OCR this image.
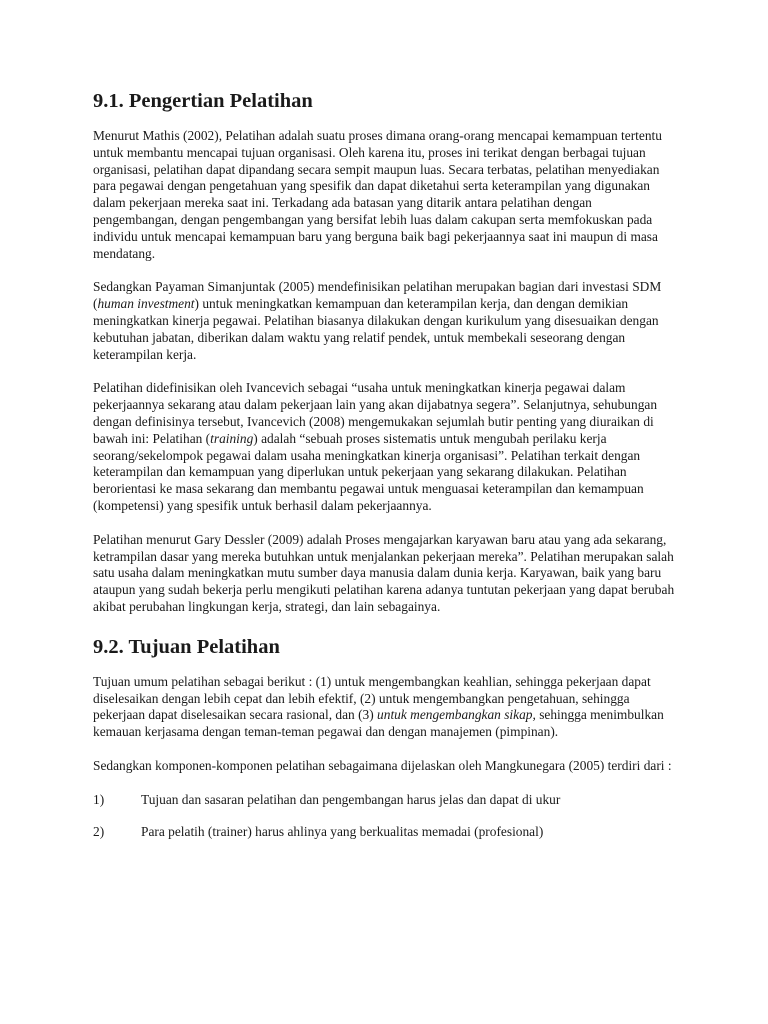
9.1. Pengertian Pelatihan

Menurut Mathis (2002), Pelatihan adalah suatu proses dimana orang-orang mencapai kemampuan tertentu untuk membantu mencapai tujuan organisasi. Oleh karena itu, proses ini terikat dengan berbagai tujuan organisasi, pelatihan dapat dipandang secara sempit maupun luas. Secara terbatas, pelatihan menyediakan para pegawai dengan pengetahuan yang spesifik dan dapat diketahui serta keterampilan yang digunakan dalam pekerjaan mereka saat ini. Terkadang ada batasan yang ditarik antara pelatihan dengan pengembangan, dengan pengembangan yang bersifat lebih luas dalam cakupan serta memfokuskan pada individu untuk mencapai kemampuan baru yang berguna baik bagi pekerjaannya saat ini maupun di masa mendatang.

Sedangkan Payaman Simanjuntak (2005) mendefinisikan pelatihan merupakan bagian dari investasi SDM (human investment) untuk meningkatkan kemampuan dan keterampilan kerja, dan dengan demikian meningkatkan kinerja pegawai. Pelatihan biasanya dilakukan dengan kurikulum yang disesuaikan dengan kebutuhan jabatan, diberikan dalam waktu yang relatif pendek, untuk membekali seseorang dengan keterampilan kerja.

Pelatihan didefinisikan oleh Ivancevich sebagai “usaha untuk meningkatkan kinerja pegawai dalam pekerjaannya sekarang atau dalam pekerjaan lain yang akan dijabatnya segera”. Selanjutnya, sehubungan dengan definisinya tersebut, Ivancevich (2008) mengemukakan sejumlah butir penting yang diuraikan di bawah ini: Pelatihan (training) adalah “sebuah proses sistematis untuk mengubah perilaku kerja seorang/sekelompok pegawai dalam usaha meningkatkan kinerja organisasi”. Pelatihan terkait dengan keterampilan dan kemampuan yang diperlukan untuk pekerjaan yang sekarang dilakukan. Pelatihan berorientasi ke masa sekarang dan membantu pegawai untuk menguasai keterampilan dan kemampuan (kompetensi) yang spesifik untuk berhasil dalam pekerjaannya.

Pelatihan menurut Gary Dessler (2009) adalah Proses mengajarkan karyawan baru atau yang ada sekarang, ketrampilan dasar yang mereka butuhkan untuk menjalankan pekerjaan mereka”. Pelatihan merupakan salah satu usaha dalam meningkatkan mutu sumber daya manusia dalam dunia kerja. Karyawan, baik yang baru ataupun yang sudah bekerja perlu mengikuti pelatihan karena adanya tuntutan pekerjaan yang dapat berubah akibat perubahan lingkungan kerja, strategi, dan lain sebagainya.

9.2. Tujuan Pelatihan

Tujuan umum pelatihan sebagai berikut : (1) untuk mengembangkan keahlian, sehingga pekerjaan dapat diselesaikan dengan lebih cepat dan lebih efektif, (2) untuk mengembangkan pengetahuan, sehingga pekerjaan dapat diselesaikan secara rasional, dan (3) untuk mengembangkan sikap, sehingga menimbulkan kemauan kerjasama dengan teman-teman pegawai dan dengan manajemen (pimpinan).

Sedangkan komponen-komponen pelatihan sebagaimana dijelaskan oleh Mangkunegara (2005) terdiri dari :

1)	Tujuan dan sasaran pelatihan dan pengembangan harus jelas dan dapat di ukur
2)	Para pelatih (trainer) harus ahlinya yang berkualitas memadai (profesional)
